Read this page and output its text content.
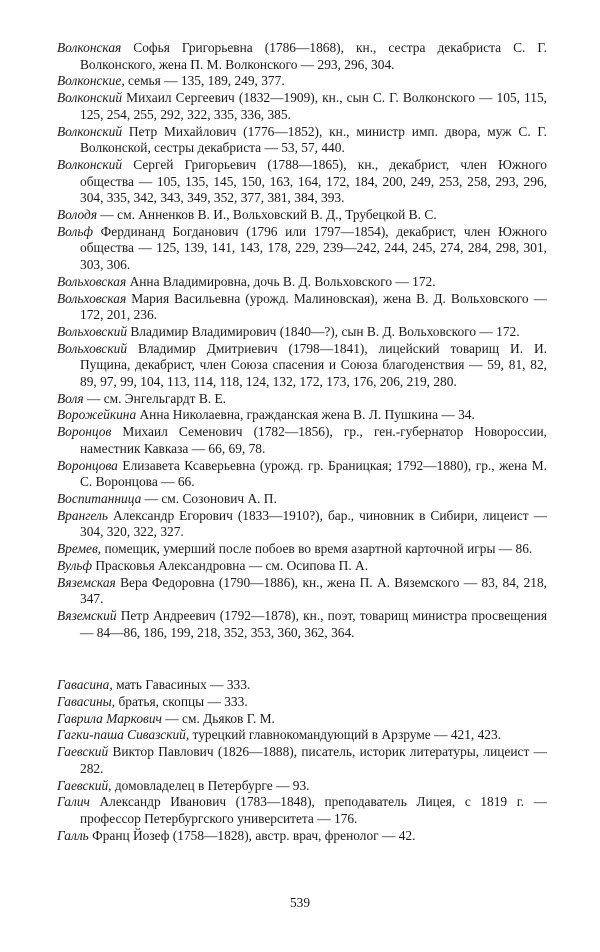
Волконская Софья Григорьевна (1786—1868), кн., сестра декабриста С. Г. Волконского, жена П. М. Волконского — 293, 296, 304.

Волконские, семья — 135, 189, 249, 377.

Волконский Михаил Сергеевич (1832—1909), кн., сын С. Г. Волконского — 105, 115, 125, 254, 255, 292, 322, 335, 336, 385.

Волконский Петр Михайлович (1776—1852), кн., министр имп. двора, муж С. Г. Волконской, сестры декабриста — 53, 57, 440.

Волконский Сергей Григорьевич (1788—1865), кн., декабрист, член Южного общества — 105, 135, 145, 150, 163, 164, 172, 184, 200, 249, 253, 258, 293, 296, 304, 335, 342, 343, 349, 352, 377, 381, 384, 393.

Володя — см. Анненков В. И., Вольховский В. Д., Трубецкой В. С.

Вольф Фердинанд Богданович (1796 или 1797—1854), декабрист, член Южного общества — 125, 139, 141, 143, 178, 229, 239—242, 244, 245, 274, 284, 298, 301, 303, 306.

Вольховская Анна Владимировна, дочь В. Д. Вольховского — 172.

Вольховская Мария Васильевна (урожд. Малиновская), жена В. Д. Вольховского — 172, 201, 236.

Вольховский Владимир Владимирович (1840—?), сын В. Д. Вольховского — 172.

Вольховский Владимир Дмитриевич (1798—1841), лицейский товарищ И. И. Пущина, декабрист, член Союза спасения и Союза благоденствия — 59, 81, 82, 89, 97, 99, 104, 113, 114, 118, 124, 132, 172, 173, 176, 206, 219, 280.

Воля — см. Энгельгардт В. Е.

Ворожейкина Анна Николаевна, гражданская жена В. Л. Пушкина — 34.

Воронцов Михаил Семенович (1782—1856), гр., ген.-губернатор Новороссии, наместник Кавказа — 66, 69, 78.

Воронцова Елизавета Ксаверьевна (урожд. гр. Браницкая; 1792—1880), гр., жена М. С. Воронцова — 66.

Воспитанница — см. Созонович А. П.

Врангель Александр Егорович (1833—1910?), бар., чиновник в Сибири, лицеист — 304, 320, 322, 327.

Времев, помещик, умерший после побоев во время азартной карточной игры — 86.

Вульф Прасковья Александровна — см. Осипова П. А.

Вяземская Вера Федоровна (1790—1886), кн., жена П. А. Вяземского — 83, 84, 218, 347.

Вяземский Петр Андреевич (1792—1878), кн., поэт, товарищ министра просвещения — 84—86, 186, 199, 218, 352, 353, 360, 362, 364.

Гавасина, мать Гавасиных — 333.

Гавасины, братья, скопцы — 333.

Гаврила Маркович — см. Дьяков Г. М.

Гагки-паша Сивазский, турецкий главнокомандующий в Арзруме — 421, 423.

Гаевский Виктор Павлович (1826—1888), писатель, историк литературы, лицеист — 282.

Гаевский, домовладелец в Петербурге — 93.

Галич Александр Иванович (1783—1848), преподаватель Лицея, с 1819 г. — профессор Петербургского университета — 176.

Галль Франц Йозеф (1758—1828), австр. врач, френолог — 42.

539
